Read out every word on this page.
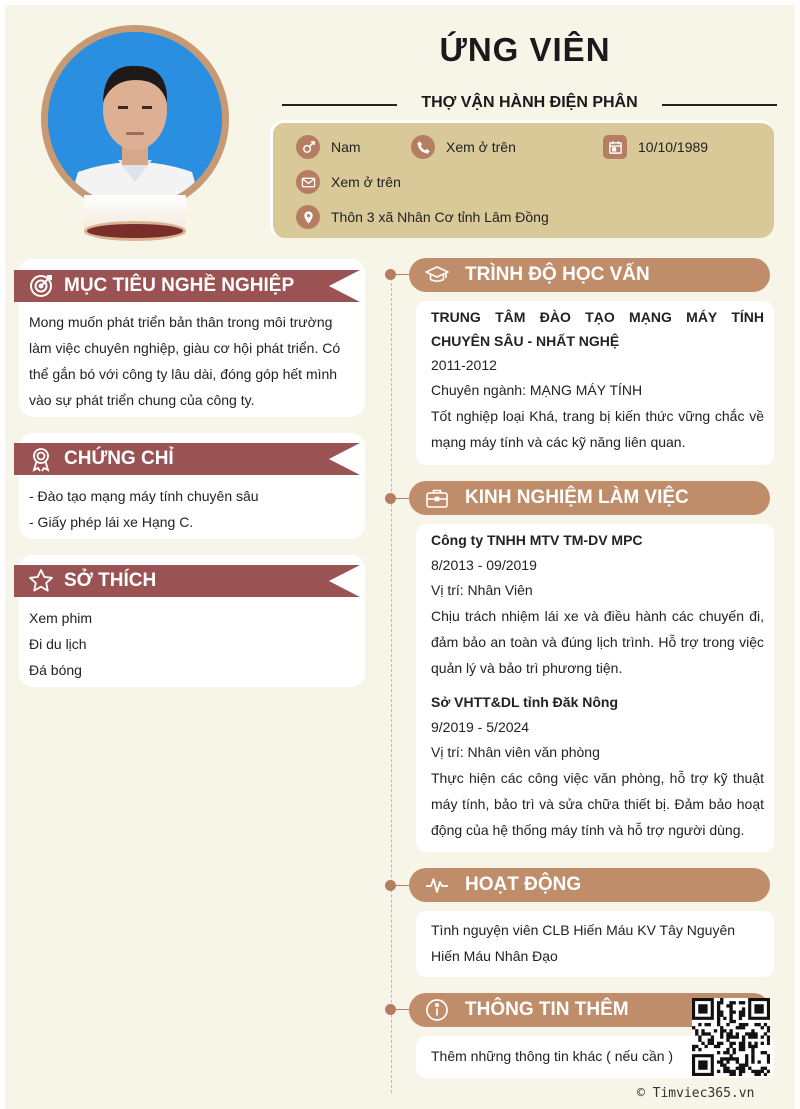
ỨNG VIÊN
THỢ VẬN HÀNH ĐIỆN PHÂN
Nam	Xem ở trên	10/10/1989
Xem ở trên
Thôn 3 xã Nhân Cơ tỉnh Lâm Đồng
MỤC TIÊU NGHỀ NGHIỆP
Mong muốn phát triển bản thân trong môi trường làm việc chuyên nghiệp, giàu cơ hội phát triển. Có thể gắn bó với công ty lâu dài, đóng góp hết mình vào sự phát triển chung của công ty.
CHỨNG CHỈ
- Đào tạo mạng máy tính chuyên sâu
- Giấy phép lái xe Hạng C.
SỞ THÍCH
Xem phim
Đi du lịch
Đá bóng
TRÌNH ĐỘ HỌC VẤN
TRUNG TÂM ĐÀO TẠO MẠNG MÁY TÍNH CHUYÊN SÂU - NHẤT NGHỆ
2011-2012
Chuyên ngành: MẠNG MÁY TÍNH
Tốt nghiệp loại Khá, trang bị kiến thức vững chắc về mạng máy tính và các kỹ năng liên quan.
KINH NGHIỆM LÀM VIỆC
Công ty TNHH MTV TM-DV MPC
8/2013 - 09/2019
Vị trí: Nhân Viên
Chịu trách nhiệm lái xe và điều hành các chuyến đi, đảm bảo an toàn và đúng lịch trình. Hỗ trợ trong việc quản lý và bảo trì phương tiện.
Sở VHTT&DL tỉnh Đăk Nông
9/2019 - 5/2024
Vị trí: Nhân viên văn phòng
Thực hiện các công việc văn phòng, hỗ trợ kỹ thuật máy tính, bảo trì và sửa chữa thiết bị. Đảm bảo hoạt động của hệ thống máy tính và hỗ trợ người dùng.
HOẠT ĐỘNG
Tình nguyện viên CLB Hiến Máu KV Tây Nguyên
Hiến Máu Nhân Đạo
THÔNG TIN THÊM
Thêm những thông tin khác ( nếu cần )
© Timviec365.vn
